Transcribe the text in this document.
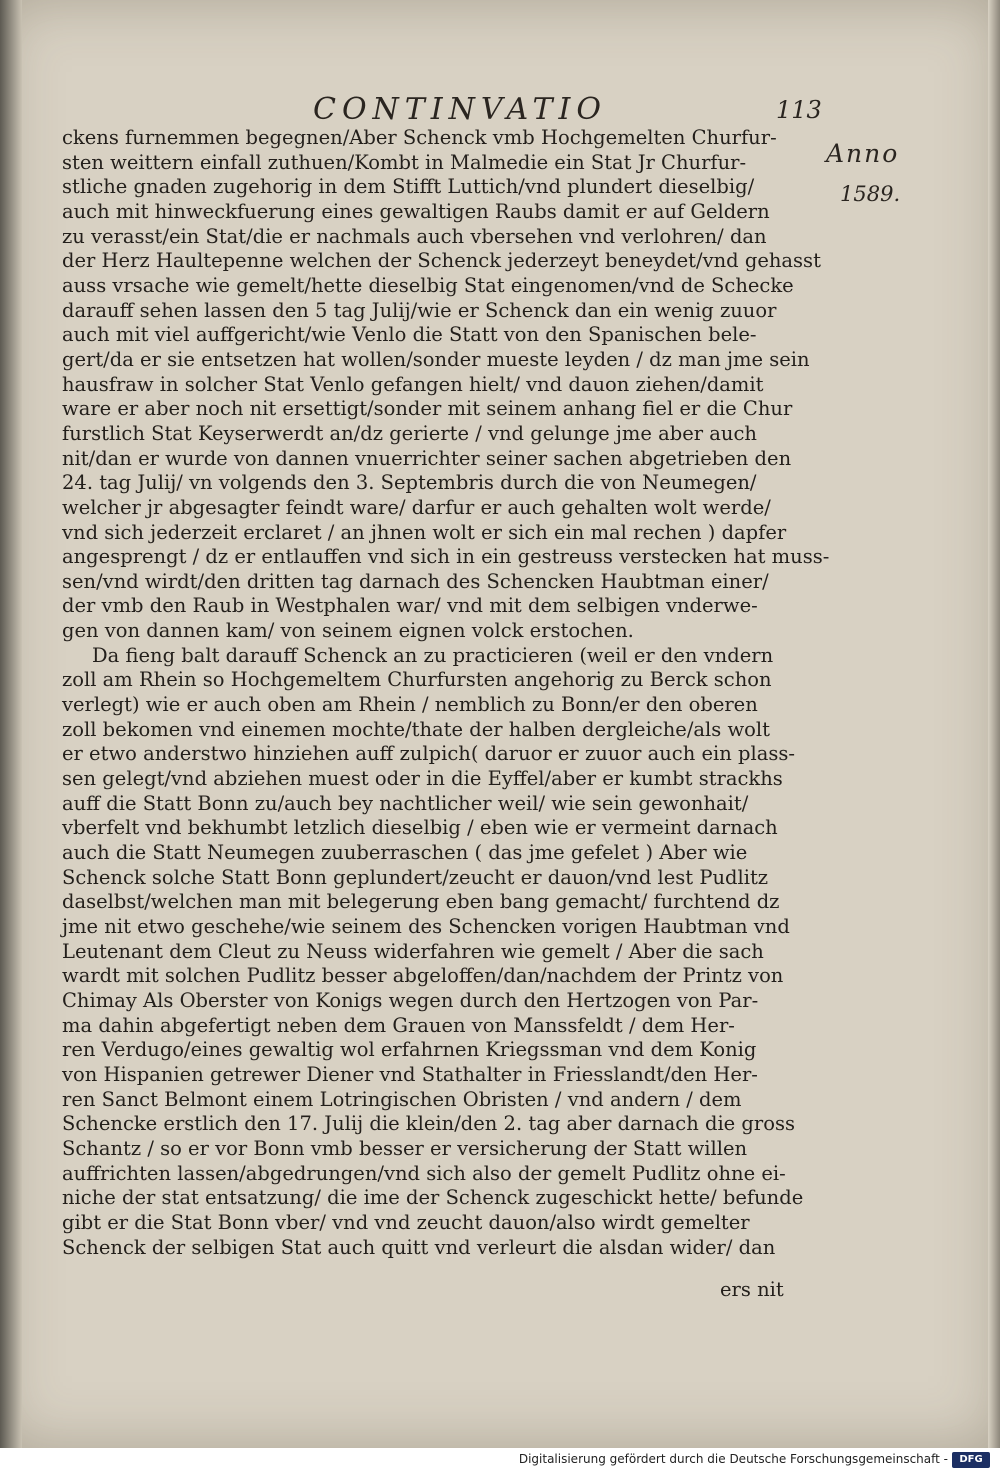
CONTINVATIO	113
Anno
1589.

ckens furnemmen begegnen/Aber Schenck vmb Hochgemelten Churfur-

sten weittern einfall zuthuen/Kombt in Malmedie ein Stat Jr Churfur-

stliche gnaden zugehorig in dem Stifft Luttich/vnd plundert dieselbig/

auch mit hinweckfuerung eines gewaltigen Raubs damit er auf Geldern

zu verasst/ein Stat/die er nachmals auch vbersehen vnd verlohren/ dan

der Herz Haultepenne welchen der Schenck jederzeyt beneydet/vnd gehasst

auss vrsache wie gemelt/hette dieselbig Stat eingenomen/vnd de Schecke

darauff sehen lassen den 5 tag Julij/wie er Schenck dan ein wenig zuuor

auch mit viel auffgericht/wie Venlo die Statt von den Spanischen bele-

gert/da er sie entsetzen hat wollen/sonder mueste leyden / dz man jme sein

hausfraw in solcher Stat Venlo gefangen hielt/ vnd dauon ziehen/damit

ware er aber noch nit ersettigt/sonder mit seinem anhang fiel er die Chur

furstlich Stat Keyserwerdt an/dz gerierte / vnd gelunge jme aber auch

nit/dan er wurde von dannen vnuerrichter seiner sachen abgetrieben den

24. tag Julij/ vn volgends den 3. Septembris durch die von Neumegen/

welcher jr abgesagter feindt ware/ darfur er auch gehalten wolt werde/

vnd sich jederzeit erclaret / an jhnen wolt er sich ein mal rechen ) dapfer

angesprengt / dz er entlauffen vnd sich in ein gestreuss verstecken hat muss-

sen/vnd wirdt/den dritten tag darnach des Schencken Haubtman einer/

der vmb den Raub in Westphalen war/ vnd mit dem selbigen vnderwe-

gen von dannen kam/ von seinem eignen volck erstochen.

Da fieng balt darauff Schenck an zu practicieren (weil er den vndern

zoll am Rhein so Hochgemeltem Churfursten angehorig zu Berck schon

verlegt) wie er auch oben am Rhein / nemblich zu Bonn/er den oberen

zoll bekomen vnd einemen mochte/thate der halben dergleiche/als wolt

er etwo anderstwo hinziehen auff zulpich( daruor er zuuor auch ein plass-

sen gelegt/vnd abziehen muest oder in die Eyffel/aber er kumbt strackhs

auff die Statt Bonn zu/auch bey nachtlicher weil/ wie sein gewonhait/

vberfelt vnd bekhumbt letzlich dieselbig / eben wie er vermeint darnach

auch die Statt Neumegen zuuberraschen ( das jme gefelet ) Aber wie

Schenck solche Statt Bonn geplundert/zeucht er dauon/vnd lest Pudlitz

daselbst/welchen man mit belegerung eben bang gemacht/ furchtend dz

jme nit etwo geschehe/wie seinem des Schencken vorigen Haubtman vnd

Leutenant dem Cleut zu Neuss widerfahren wie gemelt / Aber die sach

wardt mit solchen Pudlitz besser abgeloffen/dan/nachdem der Printz von

Chimay Als Oberster von Konigs wegen durch den Hertzogen von Par-

ma dahin abgefertigt neben dem Grauen von Manssfeldt / dem Her-

ren Verdugo/eines gewaltig wol erfahrnen Kriegssman vnd dem Konig

von Hispanien getrewer Diener vnd Stathalter in Friesslandt/den Her-

ren Sanct Belmont einem Lotringischen Obristen / vnd andern / dem

Schencke erstlich den 17. Julij die klein/den 2. tag aber darnach die gross

Schantz / so er vor Bonn vmb besser er versicherung der Statt willen

auffrichten lassen/abgedrungen/vnd sich also der gemelt Pudlitz ohne ei-

niche der stat entsatzung/ die ime der Schenck zugeschickt hette/ befunde

gibt er die Stat Bonn vber/ vnd vnd zeucht dauon/also wirdt gemelter

Schenck der selbigen Stat auch quitt vnd verleurt die alsdan wider/ dan

ers nit
Digitalisierung gefördert durch die Deutsche Forschungsgemeinschaft -	DFG
